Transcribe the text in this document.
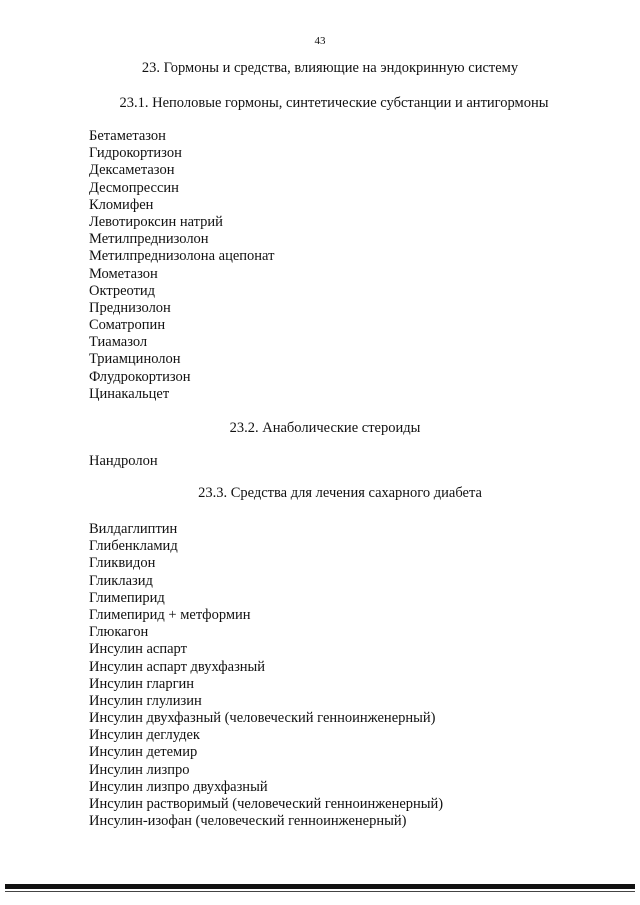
43
23. Гормоны и средства, влияющие на эндокринную систему
23.1. Неполовые гормоны, синтетические субстанции и антигормоны
Бетаметазон
Гидрокортизон
Дексаметазон
Десмопрессин
Кломифен
Левотироксин натрий
Метилпреднизолон
Метилпреднизолона ацепонат
Мометазон
Октреотид
Преднизолон
Соматропин
Тиамазол
Триамцинолон
Флудрокортизон
Цинакальцет
23.2. Анаболические стероиды
Нандролон
23.3. Средства для лечения сахарного диабета
Вилдаглиптин
Глибенкламид
Гликвидон
Гликлазид
Глимепирид
Глимепирид + метформин
Глюкагон
Инсулин аспарт
Инсулин аспарт двухфазный
Инсулин гларгин
Инсулин глулизин
Инсулин двухфазный (человеческий генноинженерный)
Инсулин деглудек
Инсулин детемир
Инсулин лизпро
Инсулин лизпро двухфазный
Инсулин растворимый (человеческий генноинженерный)
Инсулин-изофан (человеческий генноинженерный)
